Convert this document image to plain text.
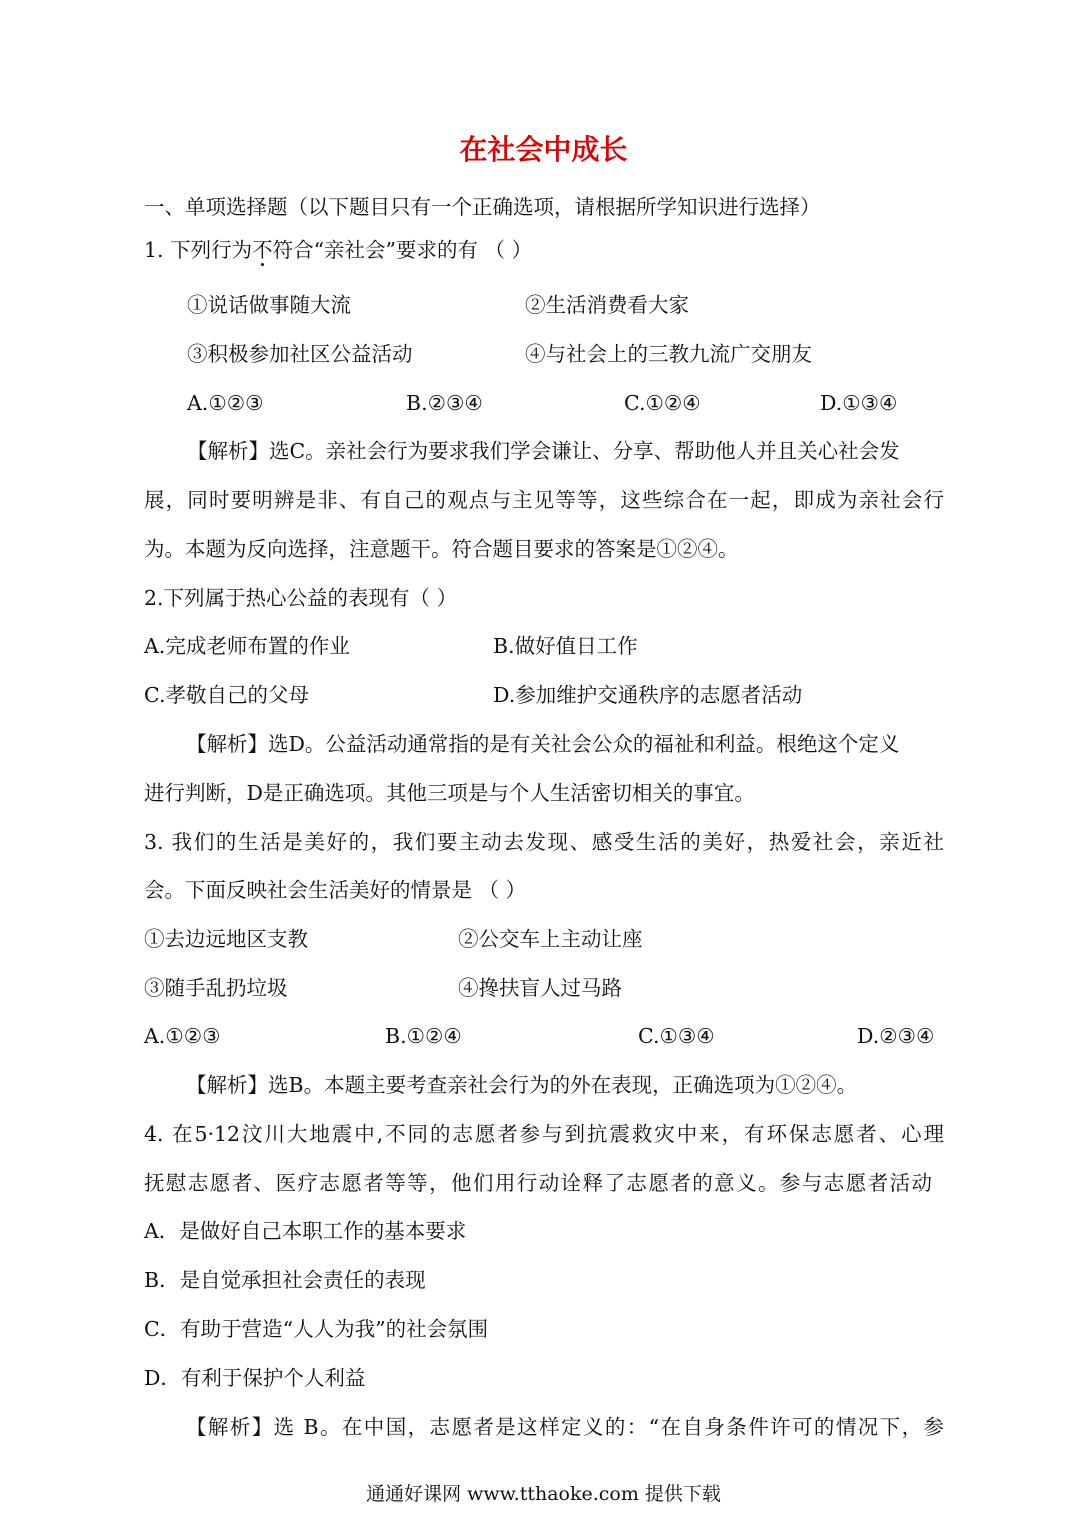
在社会中成长
一、单项选择题（以下题目只有一个正确选项，请根据所学知识进行选择）
1. 下列行为不符合“亲社会”要求的有 （ ）
①说话做事随大流	②生活消费看大家
③积极参加社区公益活动	④与社会上的三教九流广交朋友
A.①②③	B.②③④	C.①②④	D.①③④
【解析】选C。亲社会行为要求我们学会谦让、分享、帮助他人并且关心社会发
展，同时要明辨是非、有自己的观点与主见等等，这些综合在一起，即成为亲社会行
为。本题为反向选择，注意题干。符合题目要求的答案是①②④。
2.下列属于热心公益的表现有（ ）
A.完成老师布置的作业	B.做好值日工作
C.孝敬自己的父母	D.参加维护交通秩序的志愿者活动
【解析】选D。公益活动通常指的是有关社会公众的福祉和利益。根绝这个定义
进行判断，D是正确选项。其他三项是与个人生活密切相关的事宜。
3. 我们的生活是美好的，我们要主动去发现、感受生活的美好，热爱社会，亲近社
会。下面反映社会生活美好的情景是 （ ）
①去边远地区支教	②公交车上主动让座
③随手乱扔垃圾	④搀扶盲人过马路
A.①②③	B.①②④	C.①③④	D.②③④
【解析】选B。本题主要考查亲社会行为的外在表现，正确选项为①②④。
4. 在5·12汶川大地震中,不同的志愿者参与到抗震救灾中来，有环保志愿者、心理
抚慰志愿者、医疗志愿者等等，他们用行动诠释了志愿者的意义。参与志愿者活动
A．是做好自己本职工作的基本要求
B．是自觉承担社会责任的表现
C．有助于营造“人人为我”的社会氛围
D．有利于保护个人利益
【解析】选 B。在中国，志愿者是这样定义的：“在自身条件许可的情况下，参
通通好课网 www.tthaoke.com 提供下载
